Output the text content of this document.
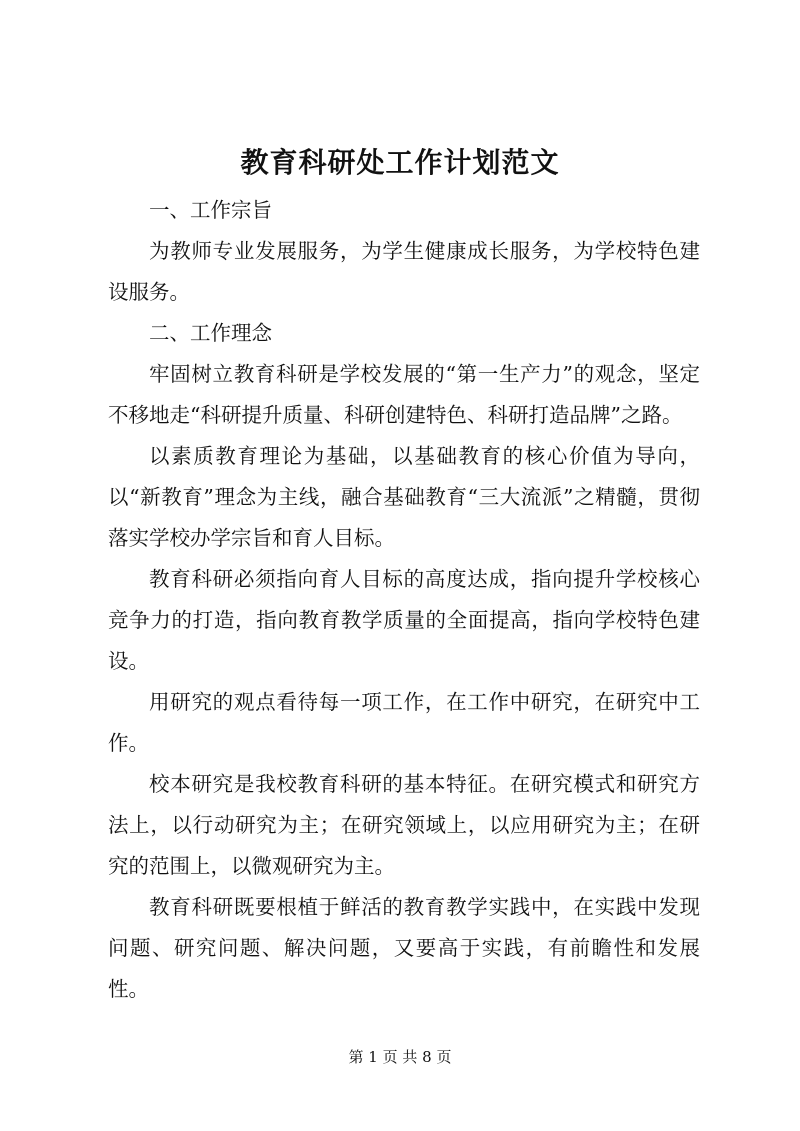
教育科研处工作计划范文

一、工作宗旨

为教师专业发展服务，为学生健康成长服务，为学校特色建设服务。

二、工作理念

牢固树立教育科研是学校发展的“第一生产力”的观念，坚定不移地走“科研提升质量、科研创建特色、科研打造品牌”之路。

以素质教育理论为基础，以基础教育的核心价值为导向，以“新教育”理念为主线，融合基础教育“三大流派”之精髓，贯彻落实学校办学宗旨和育人目标。

教育科研必须指向育人目标的高度达成，指向提升学校核心竞争力的打造，指向教育教学质量的全面提高，指向学校特色建设。

用研究的观点看待每一项工作，在工作中研究，在研究中工作。

校本研究是我校教育科研的基本特征。在研究模式和研究方法上，以行动研究为主；在研究领域上，以应用研究为主；在研究的范围上，以微观研究为主。

教育科研既要根植于鲜活的教育教学实践中，在实践中发现问题、研究问题、解决问题，又要高于实践，有前瞻性和发展性。

第 1 页 共 8 页
